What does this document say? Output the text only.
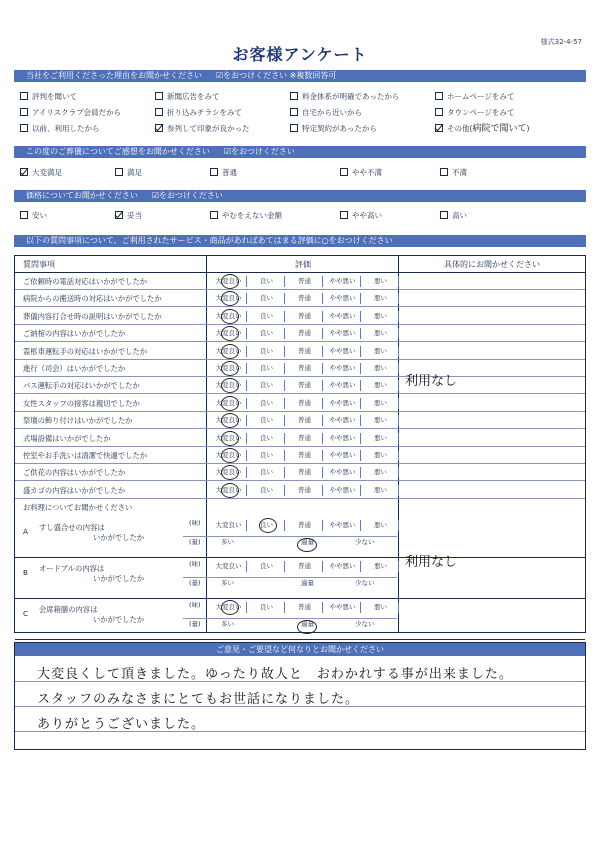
様式32-4-57
お客様アンケート
当社をご利用くださった理由をお聞かせください ☑をおつけください ※複数回答可
評判を聞いて	新聞広告をみて	料金体系が明確であったから	ホームページをみて
アイリスクラブ会員だから	折り込みチラシをみて	自宅から近いから	タウンページをみて
以前、利用したから	参列して印象が良かった	特定契約があったから	その他(病院で聞いて)
この度のご葬儀についてご感想をお聞かせください ☑をおつけください
大変満足	満足	普通	やや不満	不満
価格についてお聞かせください ☑をおつけください
安い	妥当	やむをえない金額	やや高い	高い
以下の質問事項について、ご利用されたサービス・商品があればあてはまる評価に○をおつけください
質問事項	評価	具体的にお聞かせください
ご依頼時の電話対応はいかがでしたか	大変良い	良い	普通	やや悪い	悪い
病院からの搬送時の対応はいかがでしたか	大変良い	良い	普通	やや悪い	悪い
葬儀内容打合せ時の説明はいかがでしたか	大変良い	良い	普通	やや悪い	悪い
ご納棺の内容はいかがでしたか	大変良い	良い	普通	やや悪い	悪い
霊柩車運転手の対応はいかがでしたか	大変良い	良い	普通	やや悪い	悪い
進行（司会）はいかがでしたか	大変良い	良い	普通	やや悪い	悪い
バス運転手の対応はいかがでしたか	大変良い	良い	普通	やや悪い	悪い	利用なし
女性スタッフの接客は親切でしたか	大変良い	良い	普通	やや悪い	悪い
祭壇の飾り付けはいかがでしたか	大変良い	良い	普通	やや悪い	悪い
式場設備はいかがでしたか	大変良い	良い	普通	やや悪い	悪い
控室やお手洗いは清潔で快適でしたか	大変良い	良い	普通	やや悪い	悪い
ご供花の内容はいかがでしたか	大変良い	良い	普通	やや悪い	悪い
盛カゴの内容はいかがでしたか	大変良い	良い	普通	やや悪い	悪い
お料理についてお聞かせください
A すし盛合せの内容は
いかがでしたか
(味)	大変良い	良い	普通	やや悪い	悪い
(量)	多い	適量	少ない
B オードブルの内容は
いかがでしたか
(味)	大変良い	良い	普通	やや悪い	悪い
(量)	多い	適量	少ない
利用なし
C 会席箱膳の内容は
いかがでしたか
(味)	大変良い	良い	普通	やや悪い	悪い
(量)	多い	適量	少ない
ご意見・ご要望など何なりとお聞かせください
大変良くして頂きました。ゆったり故人と　おわかれする事が出来ました。
スタッフのみなさまにとてもお世話になりました。
ありがとうございました。
